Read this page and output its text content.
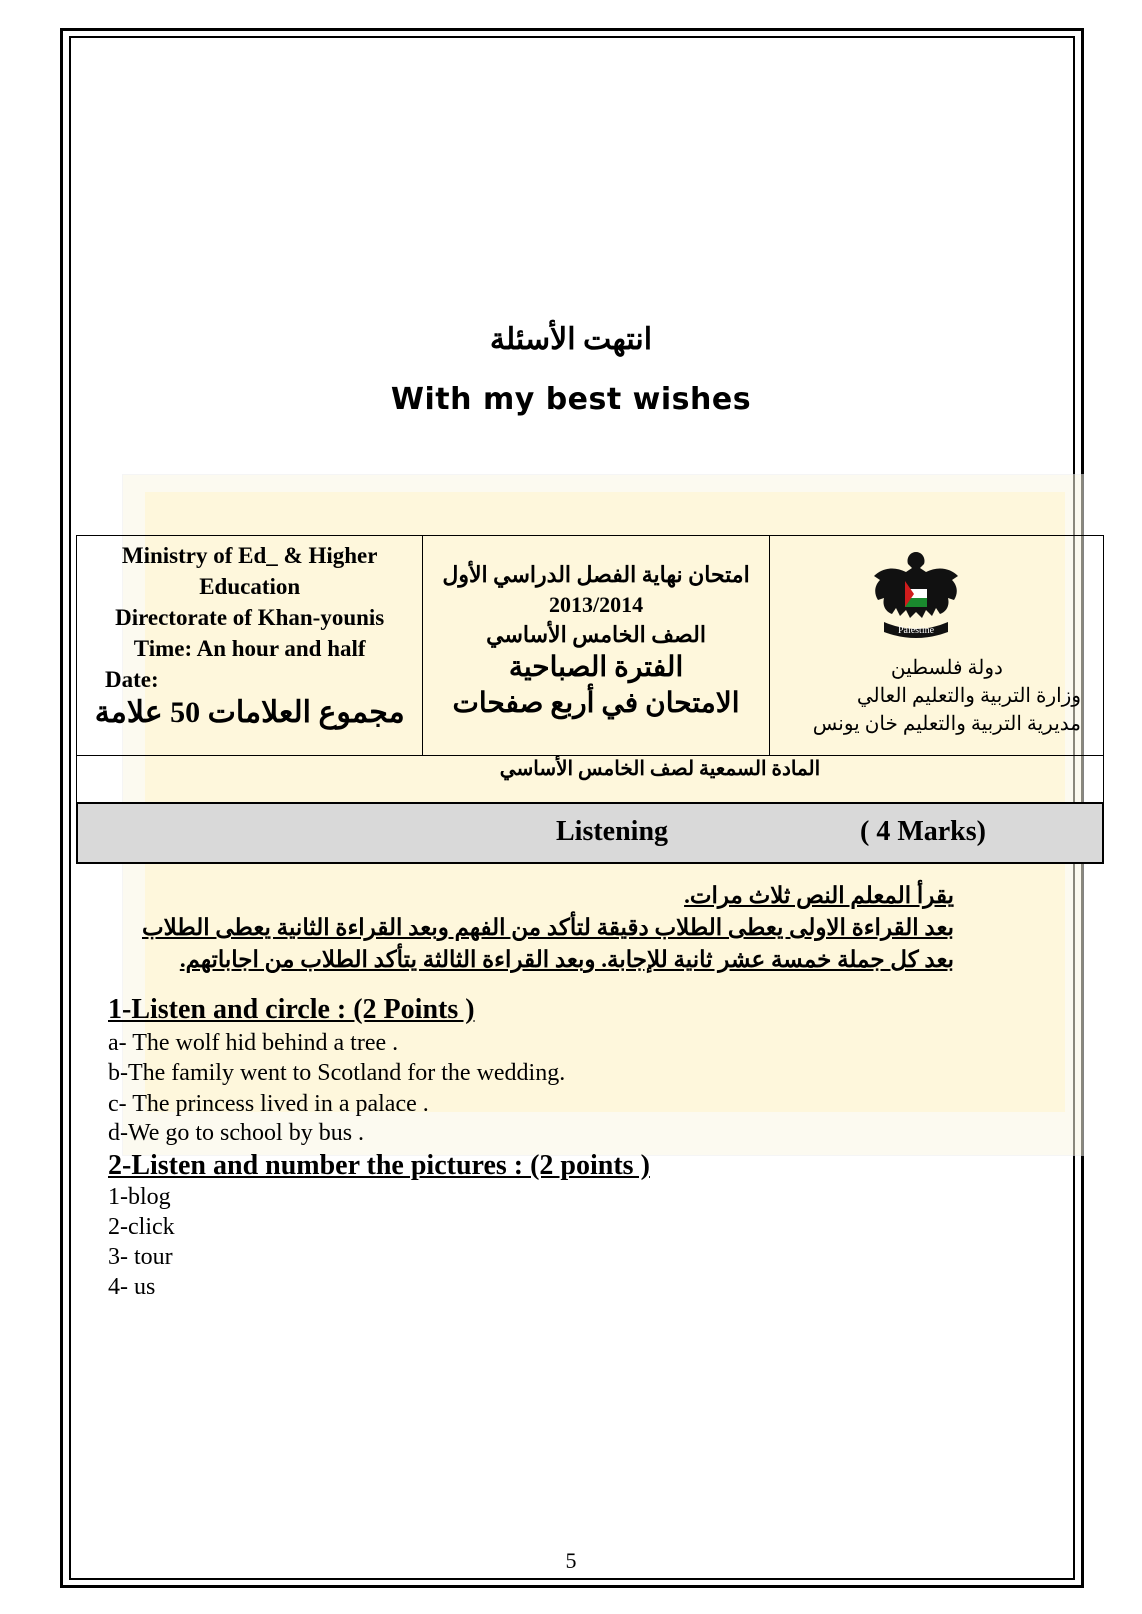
انتهت الأسئلة
With my best wishes
Ministry of Ed_ & Higher
Education
Directorate of Khan-younis
Time: An hour and half
Date:
مجموع العلامات 50 علامة

امتحان نهاية الفصل الدراسي الأول
2013/2014
الصف الخامس الأساسي
الفترة الصباحية
الامتحان في أربع صفحات

Palestine
دولة فلسطين
وزارة التربية والتعليم العالي
مديرية التربية والتعليم خان يونس

المادة السمعية لصف الخامس الأساسي
Listening	( 4 Marks)
يقرأ المعلم النص ثلاث مرات.
بعد القراءة الاولى يعطى الطلاب دقيقة لتأكد من الفهم وبعد القراءة الثانية يعطى الطلاب
بعد كل جملة خمسة عشر ثانية للإجابة. وبعد القراءة الثالثة يتأكد الطلاب من اجاباتهم.
1-Listen and circle : (2 Points )
a- The wolf hid behind a tree .
b-The family went to Scotland for the wedding.
c- The princess lived in a palace .
d-We go to school by bus .
2-Listen and number the pictures : (2 points )
1-blog
2-click
3- tour
4- us
5
